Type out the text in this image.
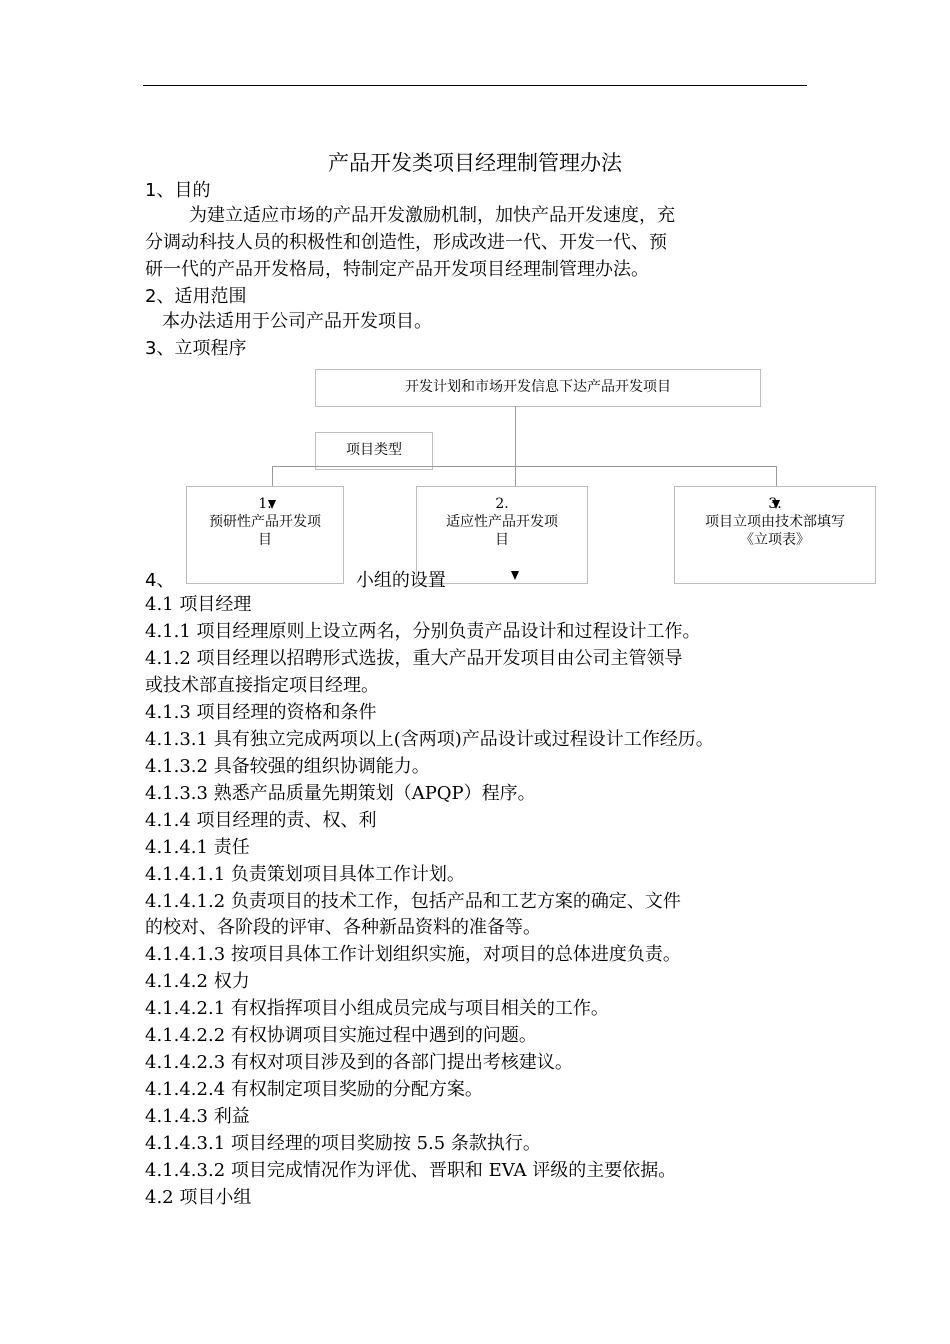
产品开发类项目经理制管理办法
1、目的
为建立适应市场的产品开发激励机制，加快产品开发速度，充
分调动科技人员的积极性和创造性，形成改进一代、开发一代、预
研一代的产品开发格局，特制定产品开发项目经理制管理办法。
2、适用范围
本办法适用于公司产品开发项目。
3、立项程序
开发计划和市场开发信息下达产品开发项目
项目类型
1.
预研性产品开发项
目
2.
适应性产品开发项
目
3.
项目立项由技术部填写
《立项表》
4、	小组的设置
4.1 项目经理
4.1.1 项目经理原则上设立两名，分别负责产品设计和过程设计工作。
4.1.2 项目经理以招聘形式选拔，重大产品开发项目由公司主管领导
或技术部直接指定项目经理。
4.1.3 项目经理的资格和条件
4.1.3.1 具有独立完成两项以上(含两项)产品设计或过程设计工作经历。
4.1.3.2 具备较强的组织协调能力。
4.1.3.3 熟悉产品质量先期策划（APQP）程序。
4.1.4 项目经理的责、权、利
4.1.4.1 责任
4.1.4.1.1 负责策划项目具体工作计划。
4.1.4.1.2 负责项目的技术工作，包括产品和工艺方案的确定、文件
的校对、各阶段的评审、各种新品资料的准备等。
4.1.4.1.3 按项目具体工作计划组织实施，对项目的总体进度负责。
4.1.4.2 权力
4.1.4.2.1 有权指挥项目小组成员完成与项目相关的工作。
4.1.4.2.2 有权协调项目实施过程中遇到的问题。
4.1.4.2.3 有权对项目涉及到的各部门提出考核建议。
4.1.4.2.4 有权制定项目奖励的分配方案。
4.1.4.3 利益
4.1.4.3.1 项目经理的项目奖励按 5.5 条款执行。
4.1.4.3.2 项目完成情况作为评优、晋职和 EVA 评级的主要依据。
4.2 项目小组
